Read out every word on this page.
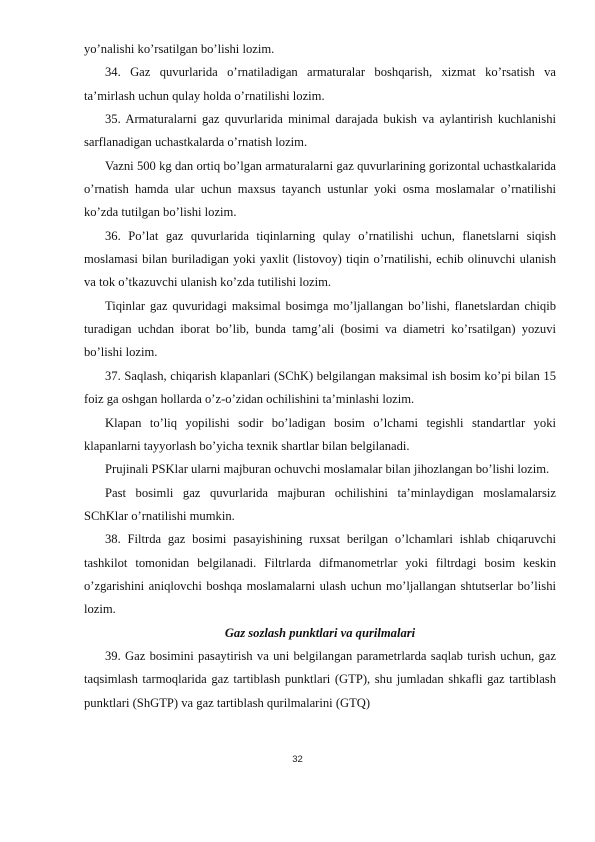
yo’nalishi ko’rsatilgan bo’lishi lozim.

34. Gaz quvurlarida o’rnatiladigan armaturalar boshqarish, xizmat ko’rsatish va ta’mirlash uchun qulay holda o’rnatilishi lozim.

35. Armaturalarni gaz quvurlarida minimal darajada bukish va aylantirish kuchlanishi sarflanadigan uchastkalarda o’rnatish lozim.

Vazni 500 kg dan ortiq bo’lgan armaturalarni gaz quvurlarining gorizontal uchastkalarida o’rnatish hamda ular uchun maxsus tayanch ustunlar yoki osma moslamalar o’rnatilishi ko’zda tutilgan bo’lishi lozim.

36. Po’lat gaz quvurlarida tiqinlarning qulay o’rnatilishi uchun, flanetslarni siqish moslamasi bilan buriladigan yoki yaxlit (listovoy) tiqin o’rnatilishi, echib olinuvchi ulanish va tok o’tkazuvchi ulanish ko’zda tutilishi lozim.

Tiqinlar gaz quvuridagi maksimal bosimga mo’ljallangan bo’lishi, flanetslardan chiqib turadigan uchdan iborat bo’lib, bunda tamg’ali (bosimi va diametri ko’rsatilgan) yozuvi bo’lishi lozim.

37. Saqlash, chiqarish klapanlari (SChK) belgilangan maksimal ish bosim ko’pi bilan 15 foiz ga oshgan hollarda o’z-o’zidan ochilishini ta’minlashi lozim.

Klapan to’liq yopilishi sodir bo’ladigan bosim o’lchami tegishli standartlar yoki klapanlarni tayyorlash bo’yicha texnik shartlar bilan belgilanadi.

Prujinali PSKlar ularni majburan ochuvchi moslamalar bilan jihozlangan bo’lishi lozim.

Past bosimli gaz quvurlarida majburan ochilishini ta’minlaydigan moslamalarsiz SChKlar o’rnatilishi mumkin.

38. Filtrda gaz bosimi pasayishining ruxsat berilgan o’lchamlari ishlab chiqaruvchi tashkilot tomonidan belgilanadi. Filtrlarda difmanometrlar yoki filtrdagi bosim keskin o’zgarishini aniqlovchi boshqa moslamalarni ulash uchun mo’ljallangan shtutserlar bo’lishi lozim.

Gaz sozlash punktlari va qurilmalari

39. Gaz bosimini pasaytirish va uni belgilangan parametrlarda saqlab turish uchun, gaz taqsimlash tarmoqlarida gaz tartiblash punktlari (GTP), shu jumladan shkafli gaz tartiblash punktlari (ShGTP) va gaz tartiblash qurilmalarini (GTQ)

32
